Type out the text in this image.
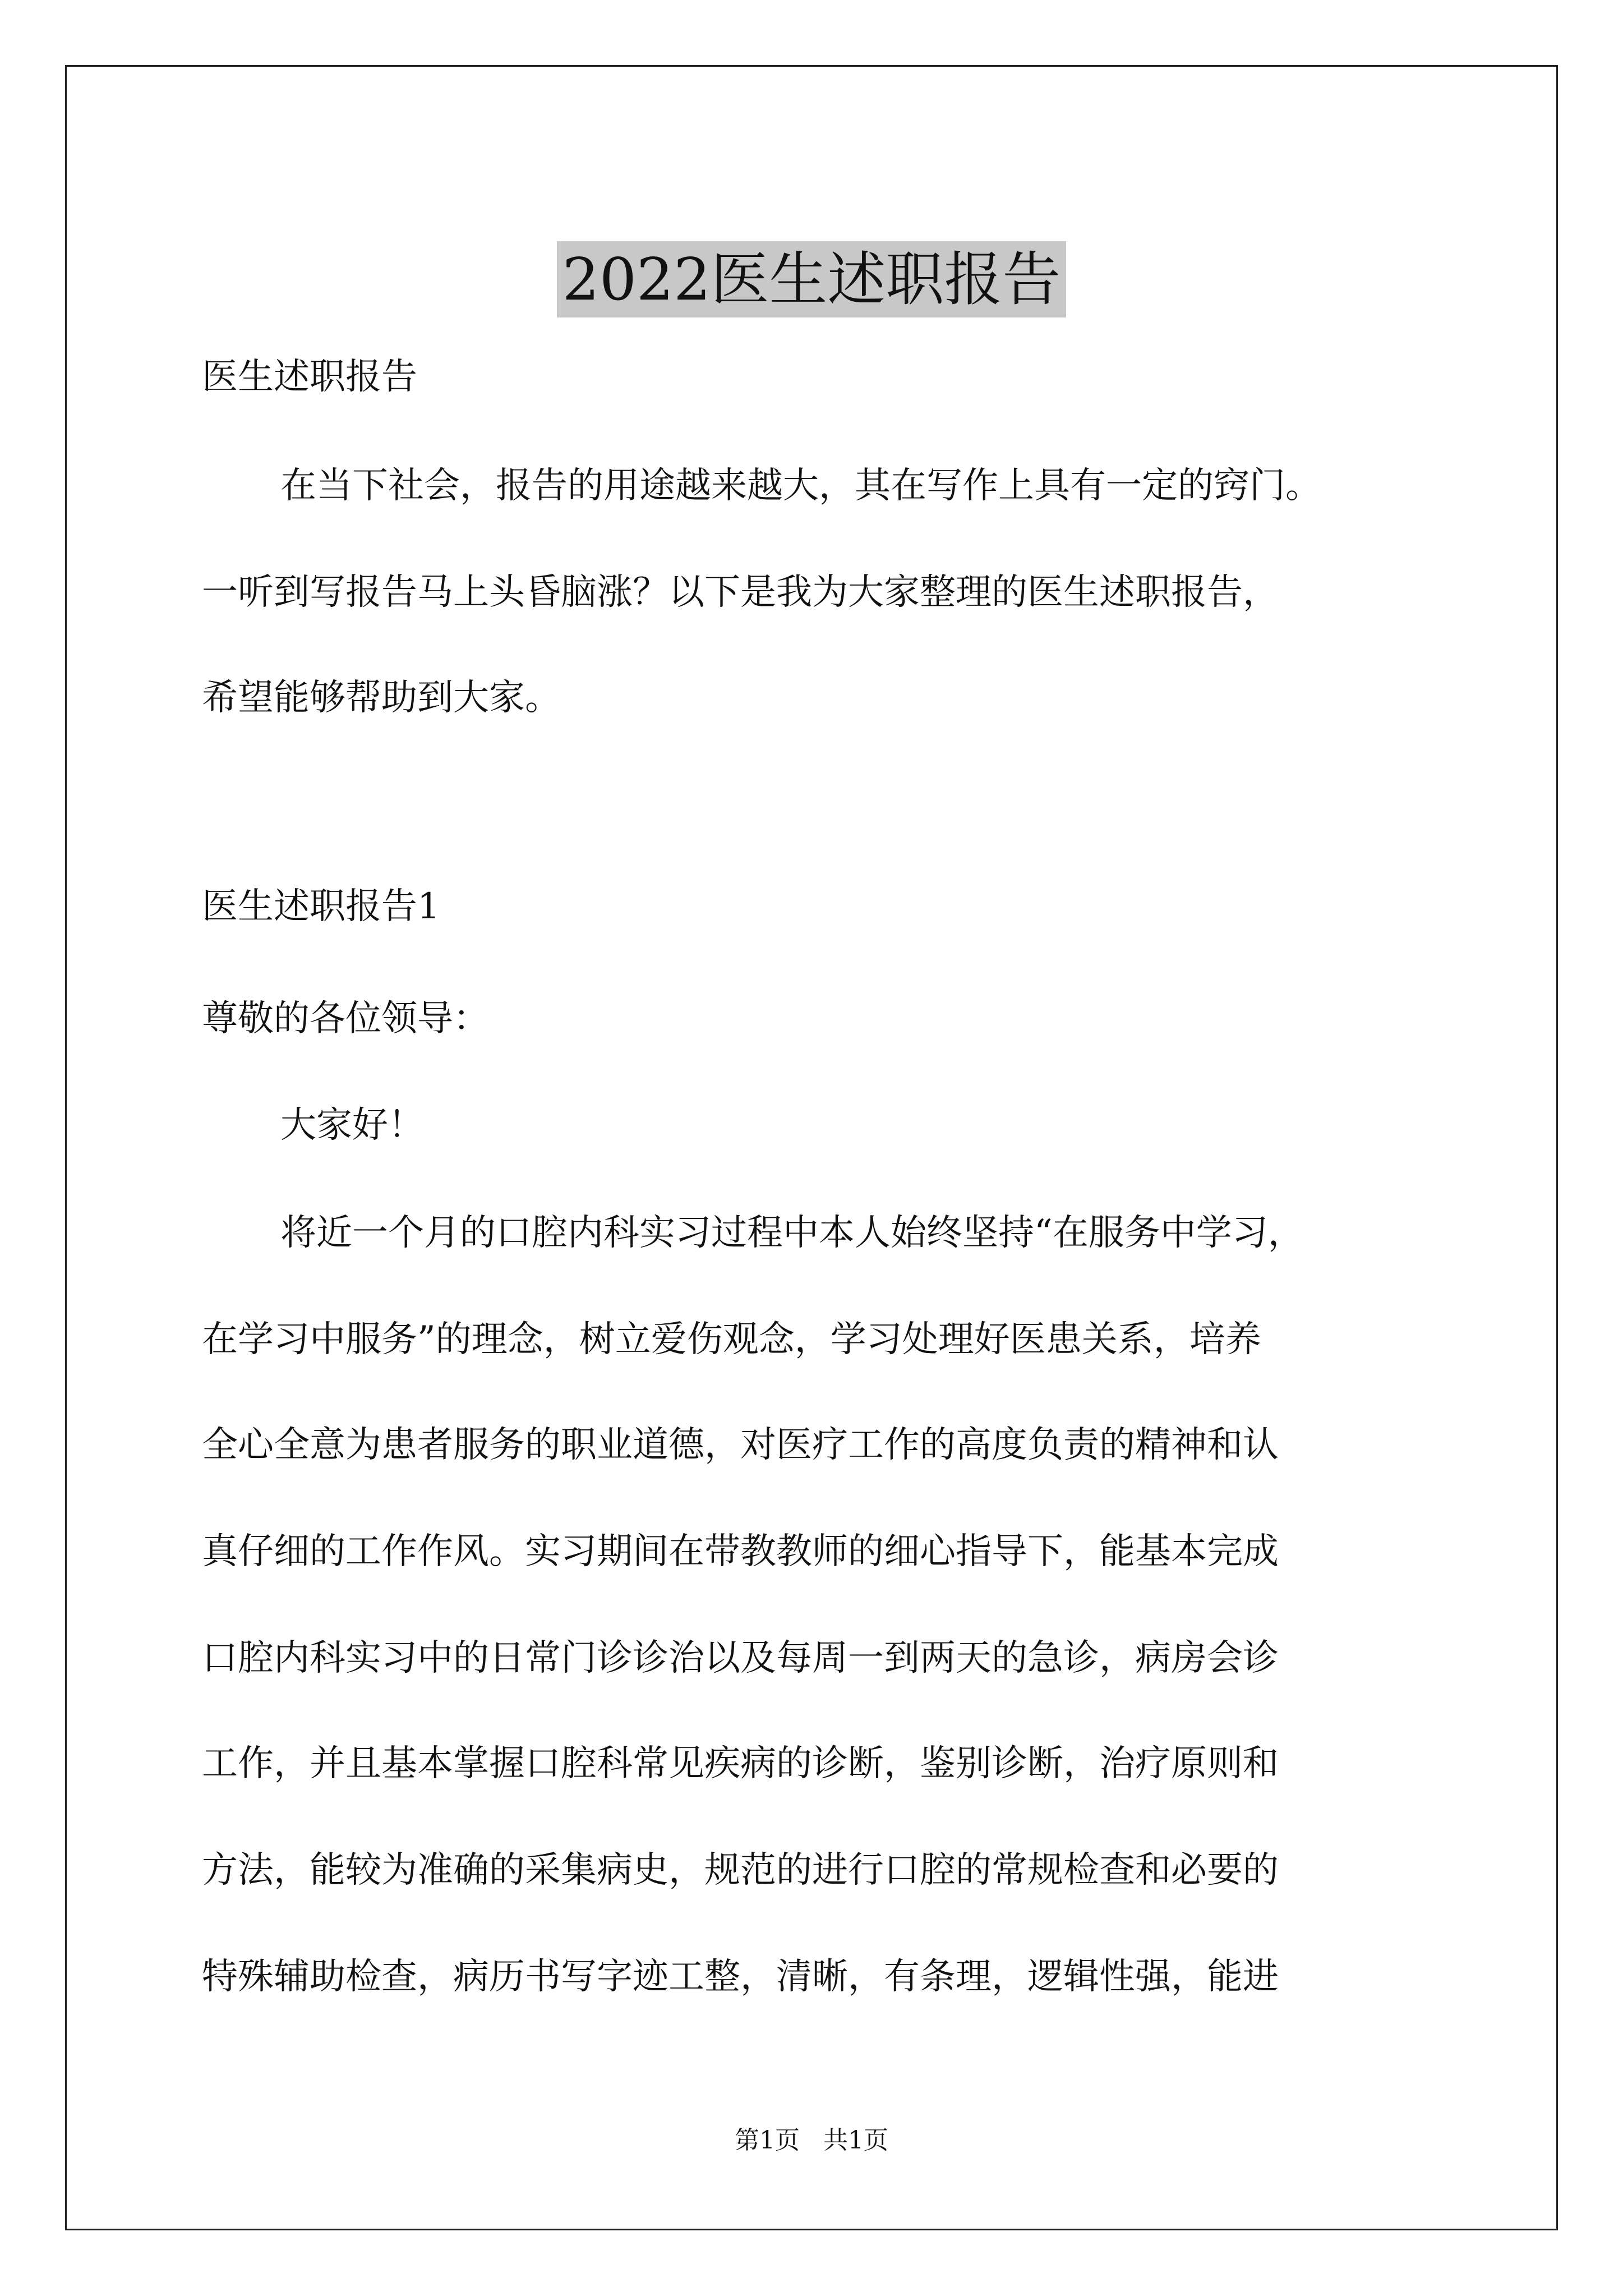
2022医生述职报告

医生述职报告

在当下社会，报告的用途越来越大，其在写作上具有一定的窍门。

一听到写报告马上头昏脑涨？以下是我为大家整理的医生述职报告，

希望能够帮助到大家。

医生述职报告1

尊敬的各位领导：

大家好！

将近一个月的口腔内科实习过程中本人始终坚持“在服务中学习，

在学习中服务”的理念，树立爱伤观念，学习处理好医患关系，培养

全心全意为患者服务的职业道德，对医疗工作的高度负责的精神和认

真仔细的工作作风。实习期间在带教教师的细心指导下，能基本完成

口腔内科实习中的日常门诊诊治以及每周一到两天的急诊，病房会诊

工作，并且基本掌握口腔科常见疾病的诊断，鉴别诊断，治疗原则和

方法，能较为准确的采集病史，规范的进行口腔的常规检查和必要的

特殊辅助检查，病历书写字迹工整，清晰，有条理，逻辑性强，能进

第1页   共1页
